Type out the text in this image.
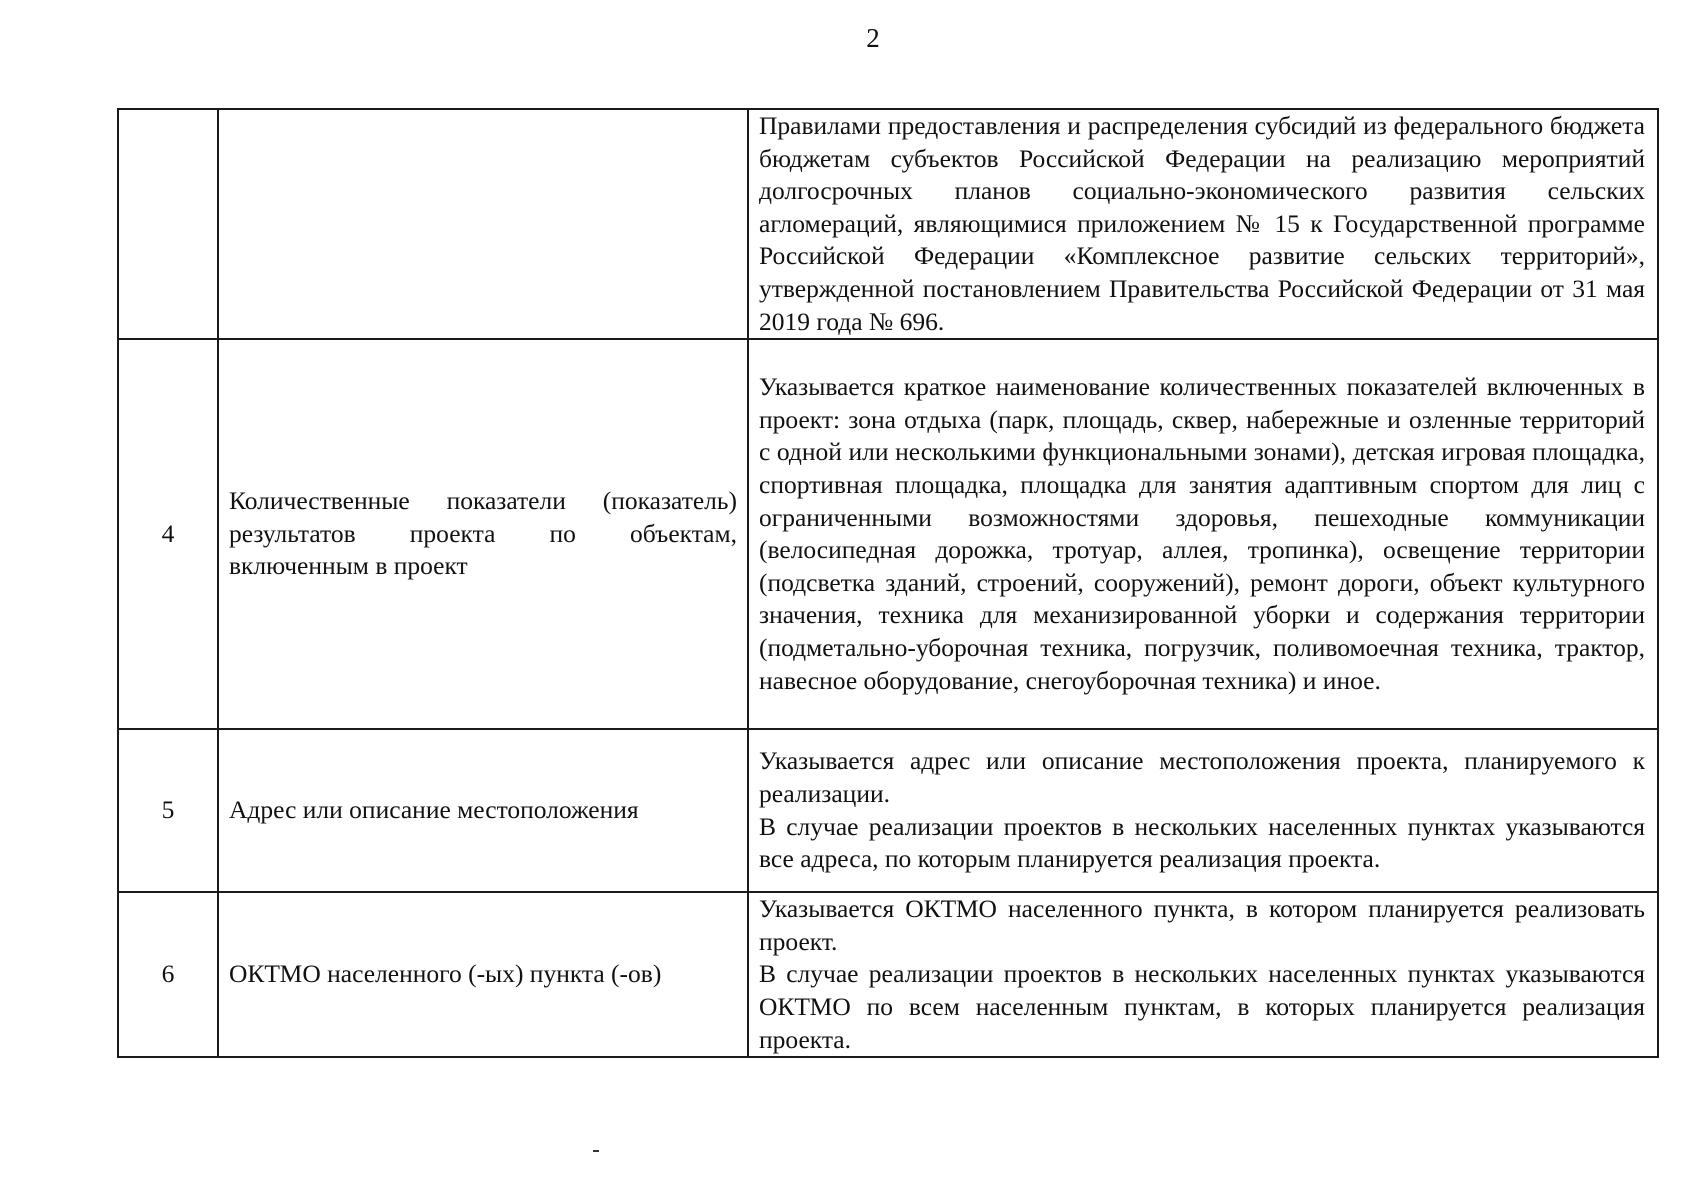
2

		Правилами предоставления и распределения субсидий из федерального бюджета бюджетам субъектов Российской Федерации на реализацию мероприятий долгосрочных планов социально-экономического развития сельских агломераций, являющимися приложением № 15 к Государственной программе Российской Федерации «Комплексное развитие сельских территорий», утвержденной постановлением Правительства Российской Федерации от 31 мая 2019 года № 696.

4	Количественные показатели (показатель) результатов проекта по объектам, включенным в проект	Указывается краткое наименование количественных показателей включенных в проект: зона отдыха (парк, площадь, сквер, набережные и озленные территорий с одной или несколькими функциональными зонами), детская игровая площадка, спортивная площадка, площадка для занятия адаптивным спортом для лиц с ограниченными возможностями здоровья, пешеходные коммуникации (велосипедная дорожка, тротуар, аллея, тропинка), освещение территории (подсветка зданий, строений, сооружений), ремонт дороги, объект культурного значения, техника для механизированной уборки и содержания территории (подметально-уборочная техника, погрузчик, поливомоечная техника, трактор, навесное оборудование, снегоуборочная техника) и иное.

5	Адрес или описание местоположения	Указывается адрес или описание местоположения проекта, планируемого к реализации.

В случае реализации проектов в нескольких населенных пунктах указываются все адреса, по которым планируется реализация проекта.

6	ОКТМО населенного (-ых) пункта (-ов)	Указывается ОКТМО населенного пункта, в котором планируется реализовать проект.

В случае реализации проектов в нескольких населенных пунктах указываются ОКТМО по всем населенным пунктам, в которых планируется реализация проекта.
